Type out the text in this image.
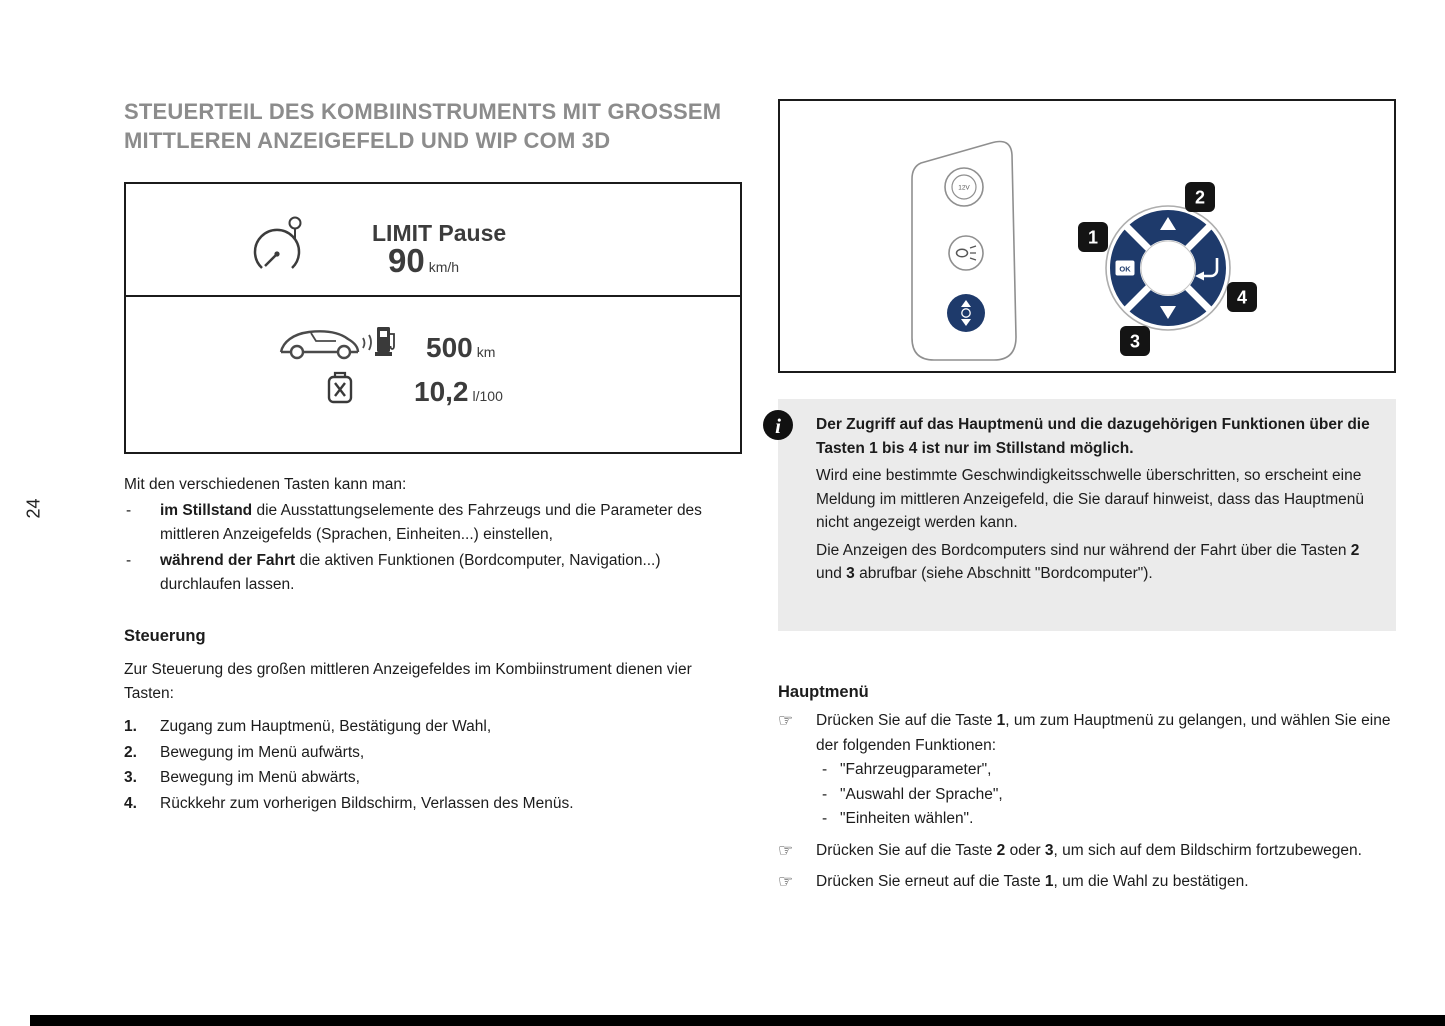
24
STEUERTEIL DES KOMBIINSTRUMENTS MIT GROSSEM
MITTLEREN ANZEIGEFELD UND WIP COM 3D
LIMIT Pause
90 km/h
500 km
10,2 l/100

Mit den verschiedenen Tasten kann man:

- im Stillstand die Ausstattungselemente des Fahrzeugs und die Parameter des mittleren Anzeigefelds (Sprachen, Einheiten...) einstellen,
- während der Fahrt die aktiven Funktionen (Bordcomputer, Navigation...) durchlaufen lassen.
Steuerung

Zur Steuerung des großen mittleren Anzeigefeldes im Kombiinstrument dienen vier Tasten:

1. Zugang zum Hauptmenü, Bestätigung der Wahl,
2. Bewegung im Menü aufwärts,
3. Bewegung im Menü abwärts,
4. Rückkehr zum vorherigen Bildschirm, Verlassen des Menüs.
12V
OK
1
2
3
4
i Der Zugriff auf das Hauptmenü und die dazugehörigen Funktionen über die Tasten 1 bis 4 ist nur im Stillstand möglich.

Wird eine bestimmte Geschwindigkeitsschwelle überschritten, so erscheint eine Meldung im mittleren Anzeigefeld, die Sie darauf hinweist, dass das Hauptmenü nicht angezeigt werden kann.

Die Anzeigen des Bordcomputers sind nur während der Fahrt über die Tasten 2 und 3 abrufbar (siehe Abschnitt "Bordcomputer").

Hauptmenü
☞ Drücken Sie auf die Taste 1, um zum Hauptmenü zu gelangen, und wählen Sie eine der folgenden Funktionen:
- "Fahrzeugparameter",
- "Auswahl der Sprache",
- "Einheiten wählen".
☞ Drücken Sie auf die Taste 2 oder 3, um sich auf dem Bildschirm fortzubewegen.
☞ Drücken Sie erneut auf die Taste 1, um die Wahl zu bestätigen.
